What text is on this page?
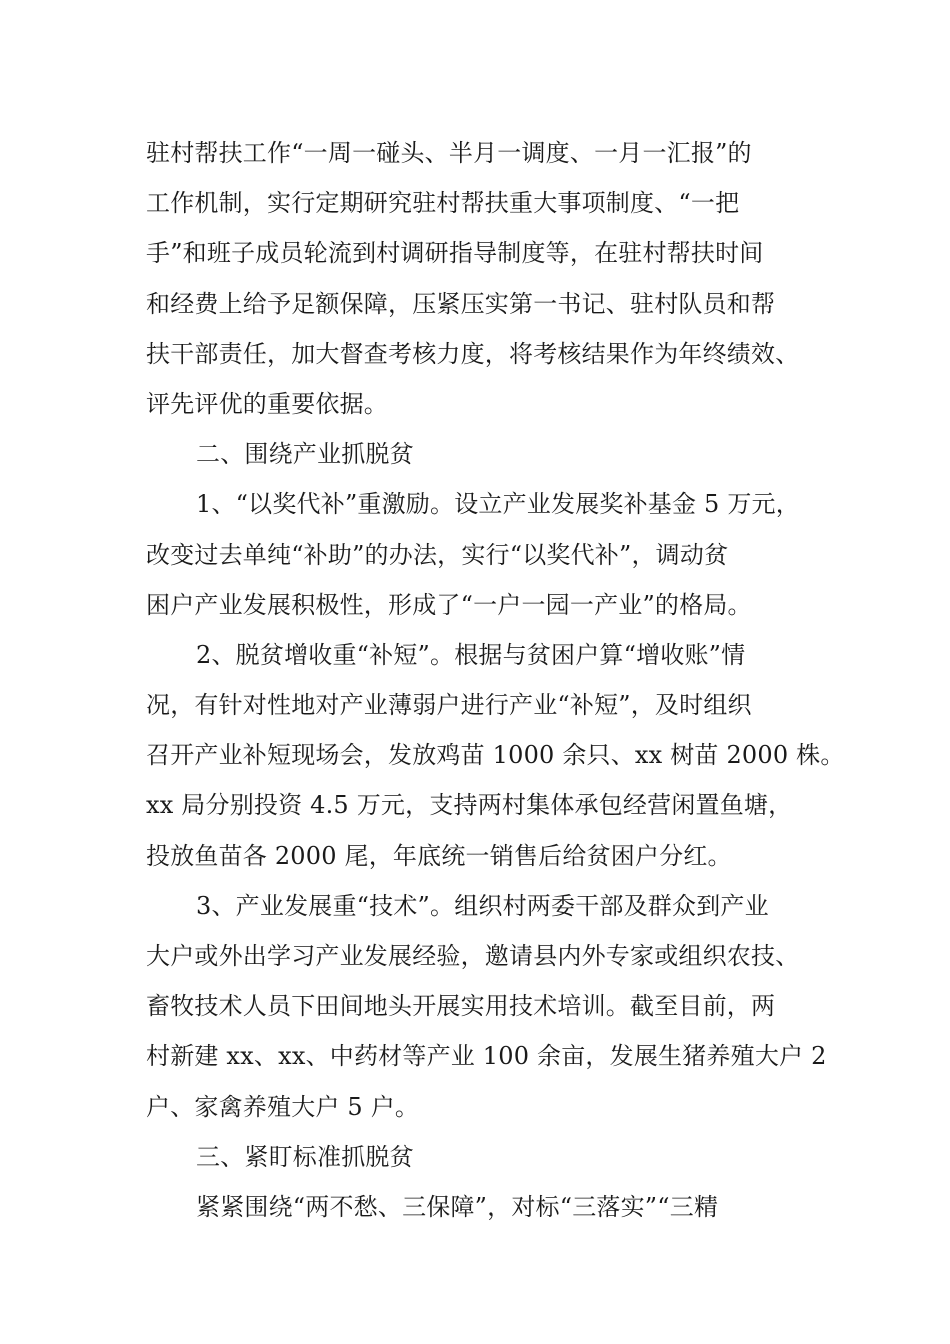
驻村帮扶工作“一周一碰头、半月一调度、一月一汇报”的
工作机制，实行定期研究驻村帮扶重大事项制度、“一把
手”和班子成员轮流到村调研指导制度等，在驻村帮扶时间
和经费上给予足额保障，压紧压实第一书记、驻村队员和帮
扶干部责任，加大督查考核力度，将考核结果作为年终绩效、
评先评优的重要依据。
二、围绕产业抓脱贫
1、“以奖代补”重激励。设立产业发展奖补基金 5 万元，
改变过去单纯“补助”的办法，实行“以奖代补”，调动贫
困户产业发展积极性，形成了“一户一园一产业”的格局。
2、脱贫增收重“补短”。根据与贫困户算“增收账”情
况，有针对性地对产业薄弱户进行产业“补短”，及时组织
召开产业补短现场会，发放鸡苗 1000 余只、xx 树苗 2000 株。
xx 局分别投资 4.5 万元，支持两村集体承包经营闲置鱼塘，
投放鱼苗各 2000 尾，年底统一销售后给贫困户分红。
3、产业发展重“技术”。组织村两委干部及群众到产业
大户或外出学习产业发展经验，邀请县内外专家或组织农技、
畜牧技术人员下田间地头开展实用技术培训。截至目前，两
村新建 xx、xx、中药材等产业 100 余亩，发展生猪养殖大户 2
户、家禽养殖大户 5 户。
三、紧盯标准抓脱贫
紧紧围绕“两不愁、三保障”，对标“三落实”“三精
